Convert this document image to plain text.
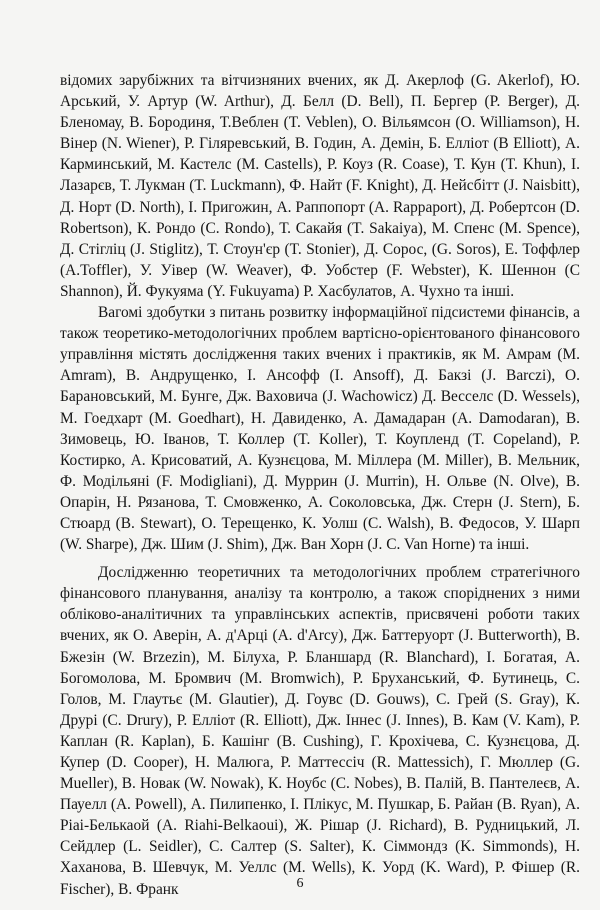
відомих зарубіжних та вітчизняних вчених, як Д. Акерлоф (G. Akerlof), Ю. Арський, У. Артур (W. Arthur), Д. Белл (D. Bell), П. Бергер (P. Berger), Д. Бленомау, В. Бородиня, Т.Веблен (T. Veblen), О. Вільямсон (O. Williamson), Н. Вінер (N. Wiener), Р. Гіляревський, В. Годин, А. Демін, Б. Елліот (B Elliott), А. Карминський, М. Кастелс (M. Castells), Р. Коуз (R. Coase), Т. Кун (T. Khun), І. Лазарєв, Т. Лукман (T. Luckmann), Ф. Найт (F. Knight), Д. Нейсбітт (J. Naisbitt), Д. Норт (D. North), І. Пригожин, А. Раппопорт (A. Rappaport), Д. Робертсон (D. Robertson), К. Рондо (C. Rondo), Т. Сакайя (T. Sakaiya), М. Спенс (M. Spence), Д. Стігліц (J. Stiglitz), Т. Стоун'єр (T. Stonier), Д. Сорос, (G. Soros), Е. Тоффлер (A.Toffler), У. Уівер (W. Weaver), Ф. Уобстер (F. Webster), К. Шеннон (C Shannon), Й. Фукуяма (Y. Fukuyama) Р. Хасбулатов, А. Чухно та інші.

Вагомі здобутки з питань розвитку інформаційної підсистеми фінансів, а також теоретико-методологічних проблем вартісно-орієнтованого фінансового управління містять дослідження таких вчених і практиків, як М. Амрам (M. Amram), В. Андрущенко, І. Ансофф (I. Ansoff), Д. Бакзі (J. Barczi), О. Барановський, М. Бунге, Дж. Ваховича (J. Wachowicz) Д. Весселс (D. Wessels), М. Гоедхарт (M. Goedhart), Н. Давиденко, А. Дамадаран (A. Damodaran), В. Зимовець, Ю. Іванов, Т. Коллер (T. Koller), Т. Коупленд (T. Copeland), Р. Костирко, А. Крисоватий, А. Кузнєцова, М. Міллера (M. Miller), В. Мельник, Ф. Модільяні (F. Modigliani), Д. Муррин (J. Murrin), Н. Ольве (N. Olve), В. Опарін, Н. Рязанова, Т. Смовженко, А. Соколовська, Дж. Стерн (J. Stern), Б. Стюард (B. Stewart), О. Терещенко, К. Уолш (C. Walsh), В. Федосов, У. Шарп (W. Sharpe), Дж. Шим (J. Shim), Дж. Ван Хорн (J. C. Van Horne) та інші.

Дослідженню теоретичних та методологічних проблем стратегічного фінансового планування, аналізу та контролю, а також споріднених з ними обліково-аналітичних та управлінських аспектів, присвячені роботи таких вчених, як О. Аверін, А. д'Арці (A. d'Arcy), Дж. Баттеруорт (J. Butterworth), В. Бжезін (W. Brzezin), М. Білуха, Р. Бланшард (R. Blanchard), І. Богатая, А. Богомолова, М. Бромвич (M. Bromwich), Р. Бруханський, Ф. Бутинець, С. Голов, М. Глаутьє (M. Glautier), Д. Гоувс (D. Gouws), С. Грей (S. Gray), К. Друрі (C. Drury), Р. Елліот (R. Elliott), Дж. Іннес (J. Innes), В. Кам (V. Kam), Р. Каплан (R. Kaplan), Б. Кашінг (B. Cushing), Г. Крохічева, С. Кузнєцова, Д. Купер (D. Cooper), Н. Малюга, Р. Маттессіч (R. Mattessich), Г. Мюллер (G. Mueller), В. Новак (W. Nowak), К. Ноубс (C. Nobes), В. Палій, В. Пантелеєв, А. Пауелл (A. Powell), А. Пилипенко, І. Плікус, М. Пушкар, Б. Райан (B. Ryan), А. Ріаі-Белькаой (A. Riahi-Belkaoui), Ж. Рішар (J. Richard), В. Рудницький, Л. Сейдлер (L. Seidler), С. Салтер (S. Salter), К. Сіммондз (K. Simmonds), Н. Хаханова, В. Шевчук, М. Уеллс (M. Wells), К. Уорд (K. Ward), Р. Фішер (R. Fischer), В. Франк	6
